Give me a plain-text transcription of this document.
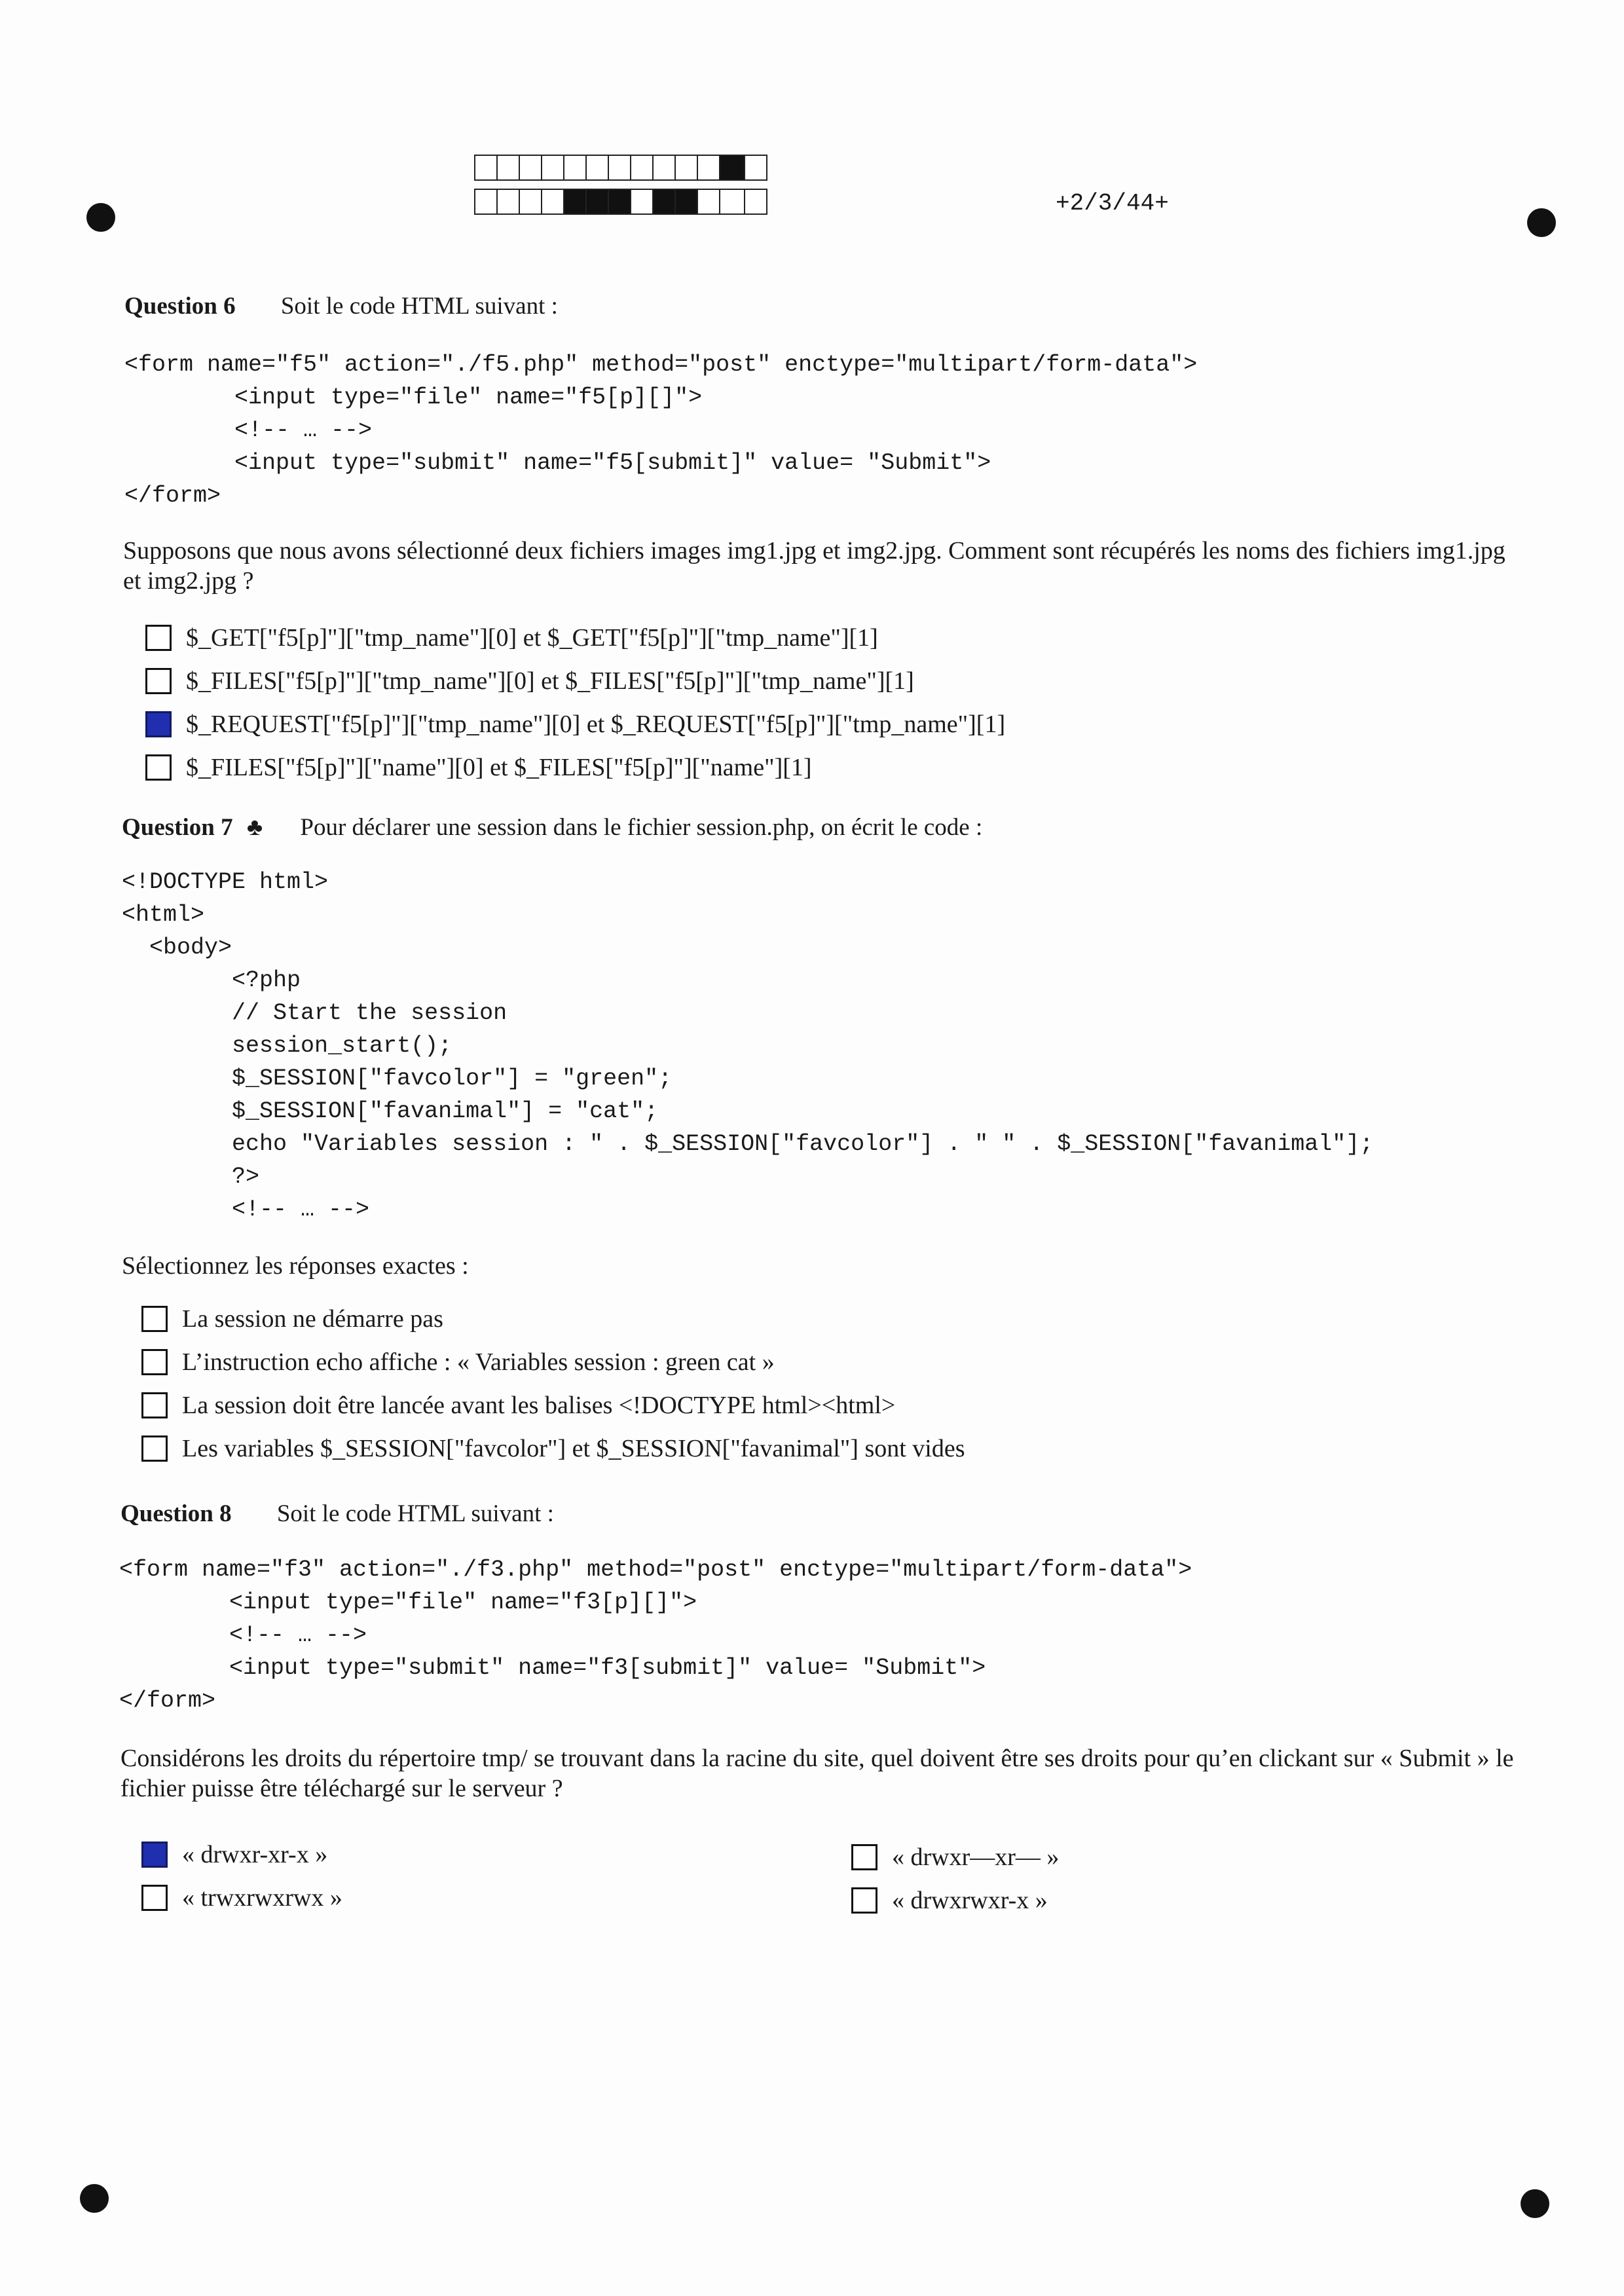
+2/3/44+
Question 6 Soit le code HTML suivant :
<form name="f5" action="./f5.php" method="post" enctype="multipart/form-data">
<input type="file" name="f5[p][]">
<!-- … -->
<input type="submit" name="f5[submit]" value= "Submit">
</form>
Supposons que nous avons sélectionné deux fichiers images img1.jpg et img2.jpg. Comment sont récupérés les noms des fichiers img1.jpg et img2.jpg ?
$_GET["f5[p]"]["tmp_name"][0] et $_GET["f5[p]"]["tmp_name"][1]
$_FILES["f5[p]"]["tmp_name"][0] et $_FILES["f5[p]"]["tmp_name"][1]
$_REQUEST["f5[p]"]["tmp_name"][0] et $_REQUEST["f5[p]"]["tmp_name"][1]
$_FILES["f5[p]"]["name"][0] et $_FILES["f5[p]"]["name"][1]
Question 7 ♣ Pour déclarer une session dans le fichier session.php, on écrit le code :
<!DOCTYPE html>
<html>
<body>
<?php
// Start the session
session_start();
$_SESSION["favcolor"] = "green";
$_SESSION["favanimal"] = "cat";
echo "Variables session : " . $_SESSION["favcolor"] . " " . $_SESSION["favanimal"];
?>
<!-- … -->
Sélectionnez les réponses exactes :
La session ne démarre pas
L’instruction echo affiche : « Variables session : green cat »
La session doit être lancée avant les balises <!DOCTYPE html><html>
Les variables $_SESSION["favcolor"] et $_SESSION["favanimal"] sont vides
Question 8 Soit le code HTML suivant :
<form name="f3" action="./f3.php" method="post" enctype="multipart/form-data">
<input type="file" name="f3[p][]">
<!-- … -->
<input type="submit" name="f3[submit]" value= "Submit">
</form>
Considérons les droits du répertoire tmp/ se trouvant dans la racine du site, quel doivent être ses droits pour qu’en clickant sur « Submit » le fichier puisse être téléchargé sur le serveur ?
« drwxr-xr-x »	« drwxr—xr— »
« trwxrwxrwx »	« drwxrwxr-x »
